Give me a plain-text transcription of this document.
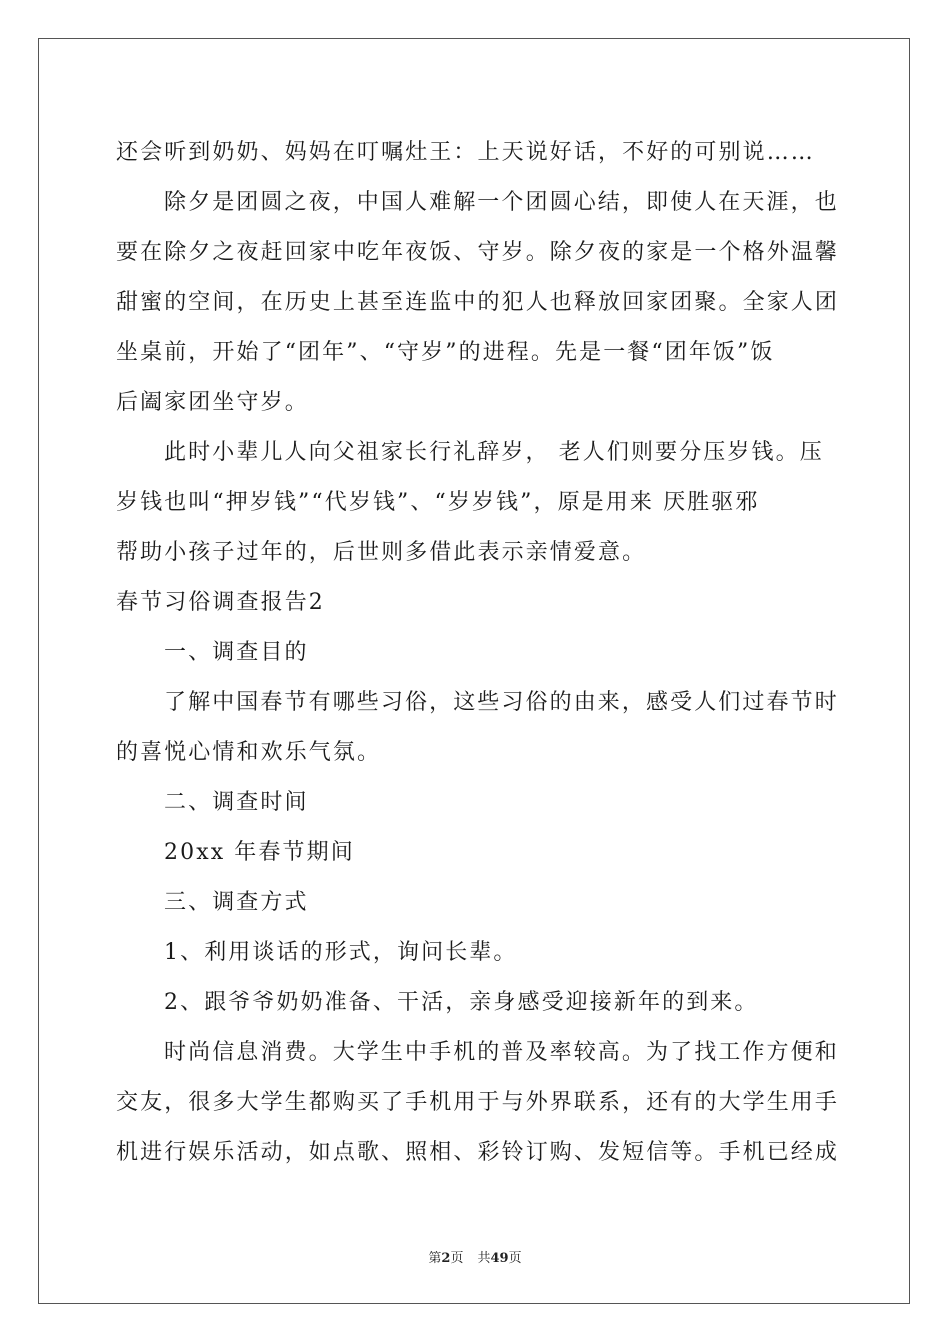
还会听到奶奶、妈妈在叮嘱灶王：上天说好话，不好的可别说……
除夕是团圆之夜，中国人难解一个团圆心结，即使人在天涯，也
要在除夕之夜赶回家中吃年夜饭、守岁。除夕夜的家是一个格外温馨
甜蜜的空间，在历史上甚至连监中的犯人也释放回家团聚。全家人团
坐桌前，开始了“团年”、“守岁”的进程。先是一餐“团年饭”饭
后阖家团坐守岁。
此时小辈儿人向父祖家长行礼辞岁， 老人们则要分压岁钱。压
岁钱也叫“押岁钱”“代岁钱”、“岁岁钱”，原是用来 厌胜驱邪
帮助小孩子过年的，后世则多借此表示亲情爱意。
春节习俗调查报告2
一、调查目的
了解中国春节有哪些习俗，这些习俗的由来，感受人们过春节时
的喜悦心情和欢乐气氛。
二、调查时间
20xx 年春节期间
三、调查方式
1、利用谈话的形式，询问长辈。
2、跟爷爷奶奶准备、干活，亲身感受迎接新年的到来。
时尚信息消费。大学生中手机的普及率较高。为了找工作方便和
交友，很多大学生都购买了手机用于与外界联系，还有的大学生用手
机进行娱乐活动，如点歌、照相、彩铃订购、发短信等。手机已经成
第2页 共49页
